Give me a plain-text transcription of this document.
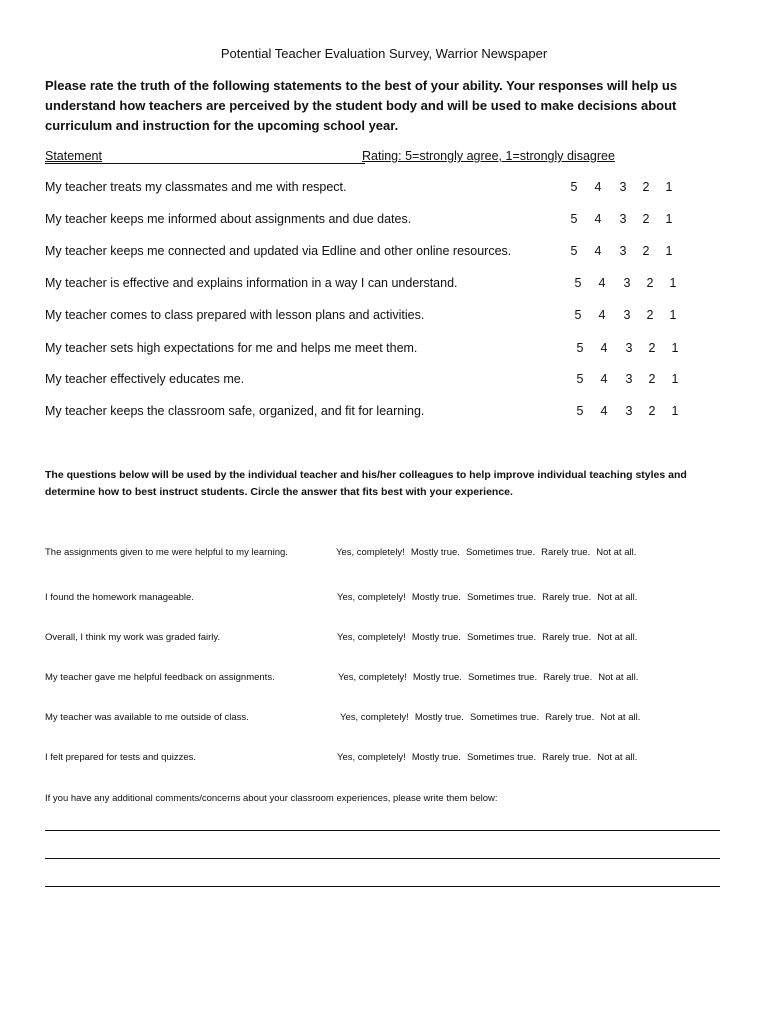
Potential Teacher Evaluation Survey, Warrior Newspaper
Please rate the truth of the following statements to the best of your ability. Your responses will help us understand how teachers are perceived by the student body and will be used to make decisions about curriculum and instruction for the upcoming school year.
Statement	Rating: 5=strongly agree, 1=strongly disagree
My teacher treats my classmates and me with respect.	5	4	3	2	1
My teacher keeps me informed about assignments and due dates.	5	4	3	2	1
My teacher keeps me connected and updated via Edline and other online resources.	5	4	3	2	1
My teacher is effective and explains information in a way I can understand.	5	4	3	2	1
My teacher comes to class prepared with lesson plans and activities.	5	4	3	2	1
My teacher sets high expectations for me and helps me meet them.	5	4	3	2	1
My teacher effectively educates me.	5	4	3	2	1
My teacher keeps the classroom safe, organized, and fit for learning.	5	4	3	2	1
The questions below will be used by the individual teacher and his/her colleagues to help improve individual teaching styles and determine how to best instruct students. Circle the answer that fits best with your experience.
The assignments given to me were helpful to my learning.	Yes, completely! Mostly true. Sometimes true. Rarely true. Not at all.
I found the homework manageable.	Yes, completely! Mostly true. Sometimes true. Rarely true. Not at all.
Overall, I think my work was graded fairly.	Yes, completely! Mostly true. Sometimes true. Rarely true. Not at all.
My teacher gave me helpful feedback on assignments.	Yes, completely! Mostly true. Sometimes true. Rarely true. Not at all.
My teacher was available to me outside of class.	Yes, completely! Mostly true. Sometimes true. Rarely true. Not at all.
I felt prepared for tests and quizzes.	Yes, completely! Mostly true. Sometimes true. Rarely true. Not at all.
If you have any additional comments/concerns about your classroom experiences, please write them below:
